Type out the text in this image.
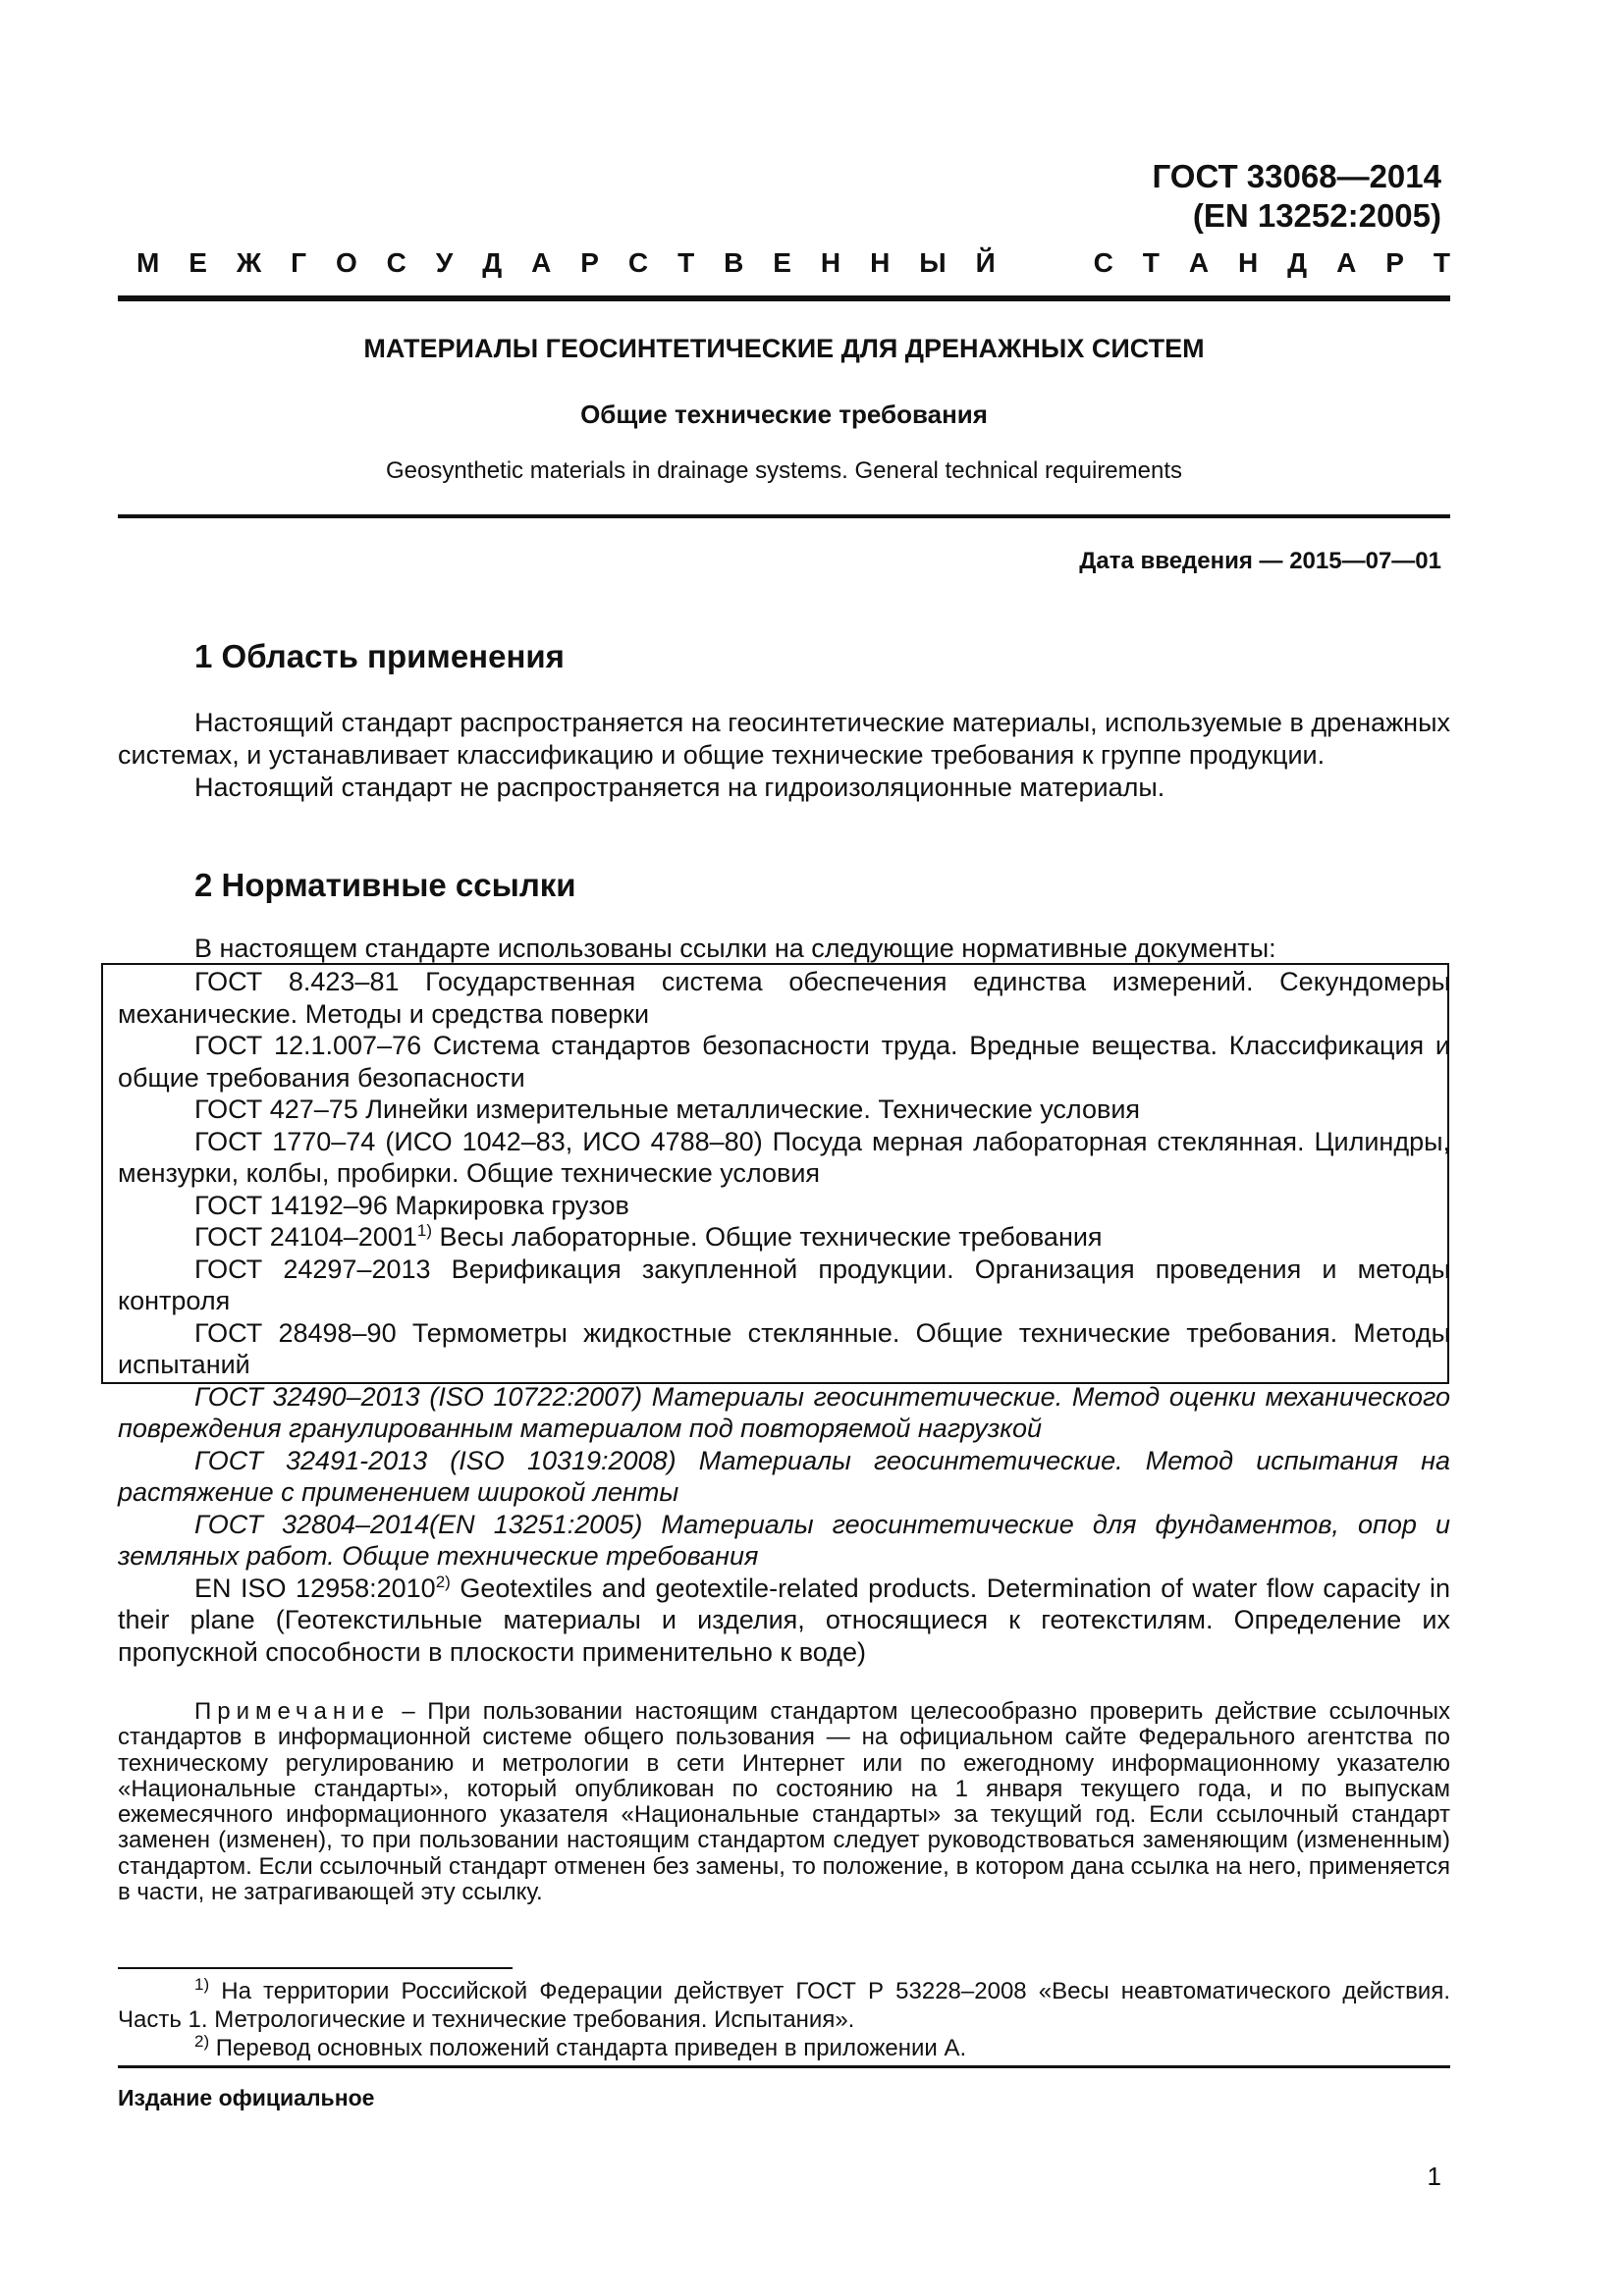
ГОСТ 33068—2014
(EN 13252:2005)
М Е Ж Г О С У Д А Р С Т В Е Н Н Ы Й	С Т А Н Д А Р Т
МАТЕРИАЛЫ ГЕОСИНТЕТИЧЕСКИЕ ДЛЯ ДРЕНАЖНЫХ СИСТЕМ
Общие технические требования
Geosynthetic materials in drainage systems. General technical requirements
Дата введения — 2015—07—01
1 Область применения

Настоящий стандарт распространяется на геосинтетические материалы, используемые в дренажных системах, и устанавливает классификацию и общие технические требования к группе продукции.

Настоящий стандарт не распространяется на гидроизоляционные материалы.

2 Нормативные ссылки

В настоящем стандарте использованы ссылки на следующие нормативные документы:

ГОСТ 8.423–81 Государственная система обеспечения единства измерений. Секундомеры механические. Методы и средства поверки

ГОСТ 12.1.007–76 Система стандартов безопасности труда. Вредные вещества. Классификация и общие требования безопасности

ГОСТ 427–75 Линейки измерительные металлические. Технические условия

ГОСТ 1770–74 (ИСО 1042–83, ИСО 4788–80) Посуда мерная лабораторная стеклянная. Цилиндры, мензурки, колбы, пробирки. Общие технические условия

ГОСТ 14192–96 Маркировка грузов

ГОСТ 24104–2001$^{1)}$ Весы лабораторные. Общие технические требования

ГОСТ 24297–2013 Верификация закупленной продукции. Организация проведения и методы контроля

ГОСТ 28498–90 Термометры жидкостные стеклянные. Общие технические требования. Методы испытаний

ГОСТ 32490–2013 (ISO 10722:2007) Материалы геосинтетические. Метод оценки механического повреждения гранулированным материалом под повторяемой нагрузкой

ГОСТ 32491-2013 (ISO 10319:2008) Материалы геосинтетические. Метод испытания на растяжение с применением широкой ленты

ГОСТ 32804–2014(EN 13251:2005) Материалы геосинтетические для фундаментов, опор и земляных работ. Общие технические требования

EN ISO 12958:2010$^{2)}$ Geotextiles and geotextile-related products. Determination of water flow capacity in their plane (Геотекстильные материалы и изделия, относящиеся к геотекстилям. Определение их пропускной способности в плоскости применительно к воде)

Примечание – При пользовании настоящим стандартом целесообразно проверить действие ссылочных стандартов в информационной системе общего пользования — на официальном сайте Федерального агентства по техническому регулированию и метрологии в сети Интернет или по ежегодному информационному указателю «Национальные стандарты», который опубликован по состоянию на 1 января текущего года, и по выпускам ежемесячного информационного указателя «Национальные стандарты» за текущий год. Если ссылочный стандарт заменен (изменен), то при пользовании настоящим стандартом следует руководствоваться заменяющим (измененным) стандартом. Если ссылочный стандарт отменен без замены, то положение, в котором дана ссылка на него, применяется в части, не затрагивающей эту ссылку.

$^{1)}$ На территории Российской Федерации действует ГОСТ Р 53228–2008 «Весы неавтоматического действия. Часть 1. Метрологические и технические требования. Испытания».

$^{2)}$ Перевод основных положений стандарта приведен в приложении А.

Издание официальное
1
